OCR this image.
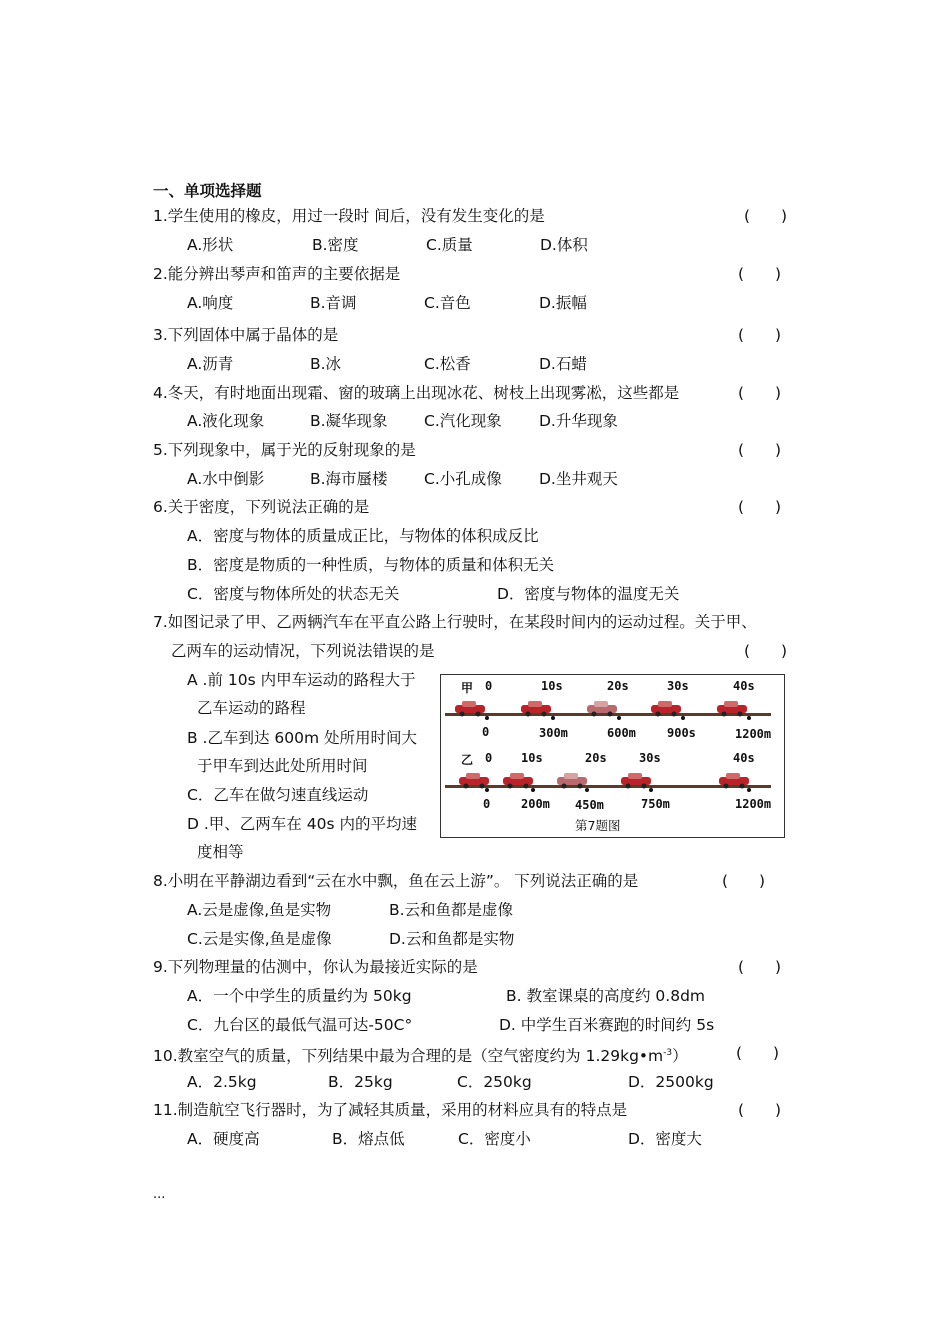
一、单项选择题
1.学生使用的橡皮，用过一段时 间后，没有发生变化的是	(　　)
A.形状	B.密度	C.质量	D.体积
2.能分辨出琴声和笛声的主要依据是	(　　)
A.响度	B.音调	C.音色	D.振幅
3.下列固体中属于晶体的是	(　　)
A.沥青	B.冰	C.松香	D.石蜡
4.冬天，有时地面出现霜、窗的玻璃上出现冰花、树枝上出现雾凇，这些都是	(　　)
A.液化现象	B.凝华现象 C.汽化现象 D.升华现象
5.下列现象中，属于光的反射现象的是	(　　)
A.水中倒影	B.海市蜃楼 C.小孔成像 D.坐井观天
6.关于密度，下列说法正确的是	(　　)
A．密度与物体的质量成正比，与物体的体积成反比
B．密度是物质的一种性质，与物体的质量和体积无关
C．密度与物体所处的状态无关	D．密度与物体的温度无关
7.如图记录了甲、乙两辆汽车在平直公路上行驶时，在某段时间内的运动过程。关于甲、
乙两车的运动情况，下列说法错误的是	(　　)
A .前 10s 内甲车运动的路程大于
乙车运动的路程
B .乙车到达 600m 处所用时间大
于甲车到达此处所用时间
C．乙车在做匀速直线运动
D .甲、乙两车在 40s 内的平均速
度相等
甲 0	10s	20s	30s	40s
0	300m	600m	900s	1200m
乙 0 10s	20s	30s	40s
0	200m 450m	750m	1200m
第7题图
8.小明在平静湖边看到“云在水中飘，鱼在云上游”。 下列说法正确的是	(　　)
A.云是虚像,鱼是实物	B.云和鱼都是虚像
C.云是实像,鱼是虚像	D.云和鱼都是实物
9.下列物理量的估测中，你认为最接近实际的是	(　　)
A．一个中学生的质量约为 50kg	B. 教室课桌的高度约 0.8dm
C．九台区的最低气温可达-50C°	D. 中学生百米赛跑的时间约 5s
10.教室空气的质量，下列结果中最为合理的是（空气密度约为 $1.29kg•m^{-3}$）	(　　)
A．2.5kg	B．25kg	C．250kg	D．2500kg
11.制造航空飞行器时，为了减轻其质量，采用的材料应具有的特点是	(　　)
A．硬度高	B．熔点低	C．密度小	D．密度大
...
